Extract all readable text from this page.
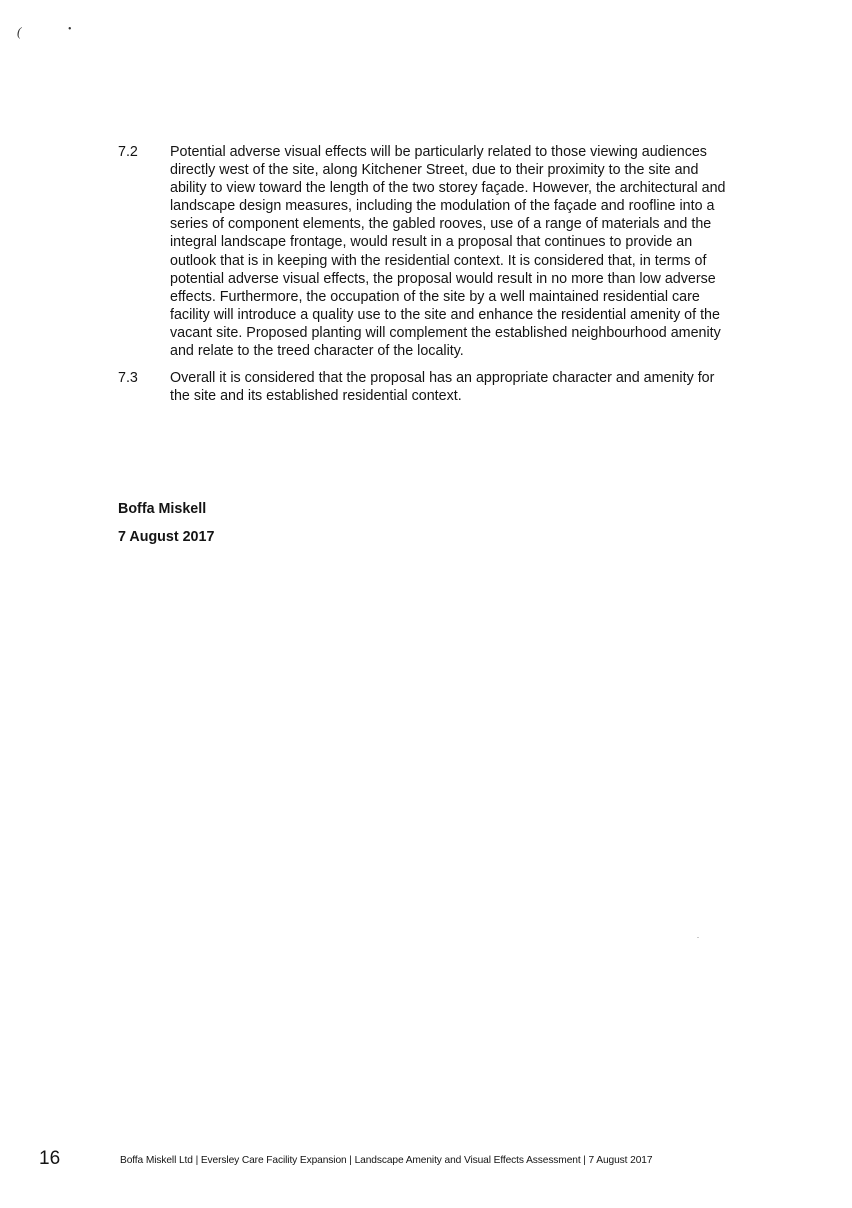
(	•
.
7.2	Potential adverse visual effects will be particularly related to those viewing audiences directly west of the site, along Kitchener Street, due to their proximity to the site and ability to view toward the length of the two storey façade. However, the architectural and landscape design measures, including the modulation of the façade and roofline into a series of component elements, the gabled rooves, use of a range of materials and the integral landscape frontage, would result in a proposal that continues to provide an outlook that is in keeping with the residential context. It is considered that, in terms of potential adverse visual effects, the proposal would result in no more than low adverse effects. Furthermore, the occupation of the site by a well maintained residential care facility will introduce a quality use to the site and enhance the residential amenity of the vacant site. Proposed planting will complement the established neighbourhood amenity and relate to the treed character of the locality.
7.3	Overall it is considered that the proposal has an appropriate character and amenity for the site and its established residential context.
Boffa Miskell
7 August 2017
16	Boffa Miskell Ltd | Eversley Care Facility Expansion | Landscape Amenity and Visual Effects Assessment | 7 August 2017
